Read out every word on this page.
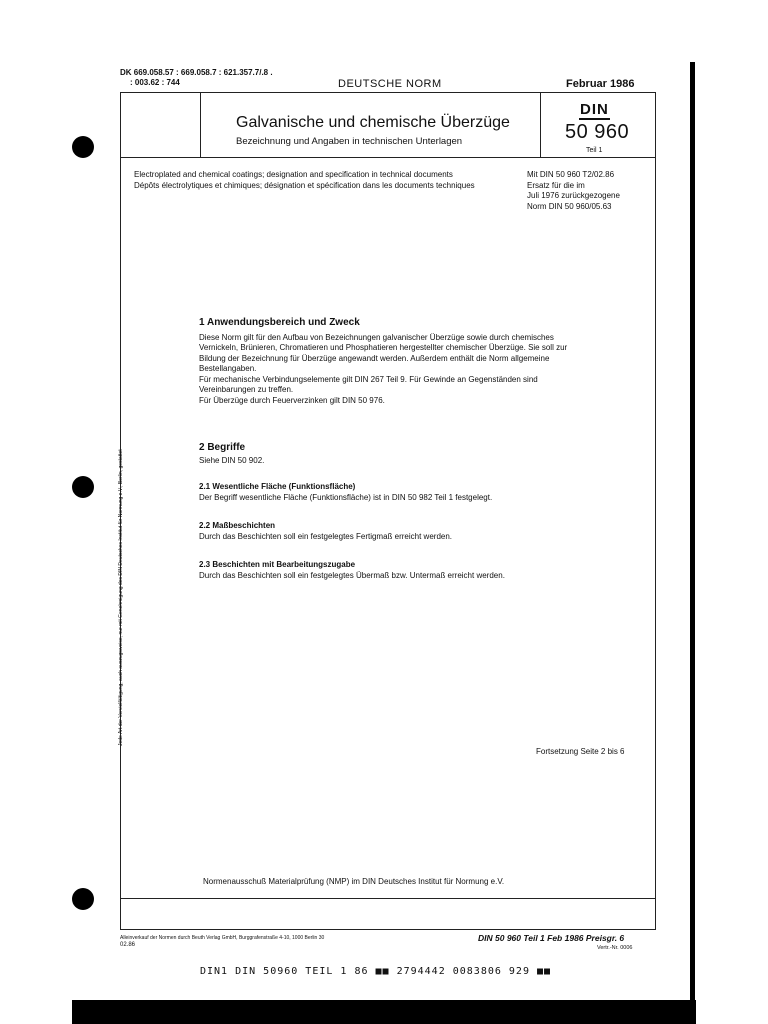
DK 669.058.57 : 669.058.7 : 621.357.7/.8 .
: 003.62 : 744	DEUTSCHE NORM	Februar 1986
Galvanische und chemische Überzüge
Bezeichnung und Angaben in technischen Unterlagen
DIN
50 960
Teil 1

Electroplated and chemical coatings; designation and specification in technical documents

Dépôts électrolytiques et chimiques; désignation et spécification dans les documents techniques

Mit DIN 50 960 T2/02.86

Ersatz für die im

Juli 1976 zurückgezogene

Norm DIN 50 960/05.63

1 Anwendungsbereich und Zweck

Diese Norm gilt für den Aufbau von Bezeichnungen galvanischer Überzüge sowie durch chemisches Vernickeln, Brünieren, Chromatieren und Phosphatieren hergestellter chemischer Überzüge. Sie soll zur Bildung der Bezeichnung für Überzüge angewandt werden. Außerdem enthält die Norm allgemeine Bestellangaben.

Für mechanische Verbindungselemente gilt DIN 267 Teil 9. Für Gewinde an Gegenständen sind Vereinbarungen zu treffen.

Für Überzüge durch Feuerverzinken gilt DIN 50 976.

2 Begriffe

Siehe DIN 50 902.

2.1 Wesentliche Fläche (Funktionsfläche)

Der Begriff wesentliche Fläche (Funktionsfläche) ist in DIN 50 982 Teil 1 festgelegt.

2.2 Maßbeschichten

Durch das Beschichten soll ein festgelegtes Fertigmaß erreicht werden.

2.3 Beschichten mit Bearbeitungszugabe

Durch das Beschichten soll ein festgelegtes Übermaß bzw. Untermaß erreicht werden.

Fortsetzung Seite 2 bis 6
Normenausschuß Materialprüfung (NMP) im DIN Deutsches Institut für Normung e.V.
Alleinverkauf der Normen durch Beuth Verlag GmbH, Burggrafenstraße 4-10, 1000 Berlin 30
02.86
DIN 50 960 Teil 1 Feb 1986 Preisgr. 6
Vertr.-Nr. 0006
DIN1 DIN 50960 TEIL 1 86 ■■ 2794442 0083806 929 ■■
Jede Art der Vervielfältigung, auch auszugsweise, nur mit Genehmigung des DIN Deutsches Institut für Normung e.V., Berlin, gestattet
